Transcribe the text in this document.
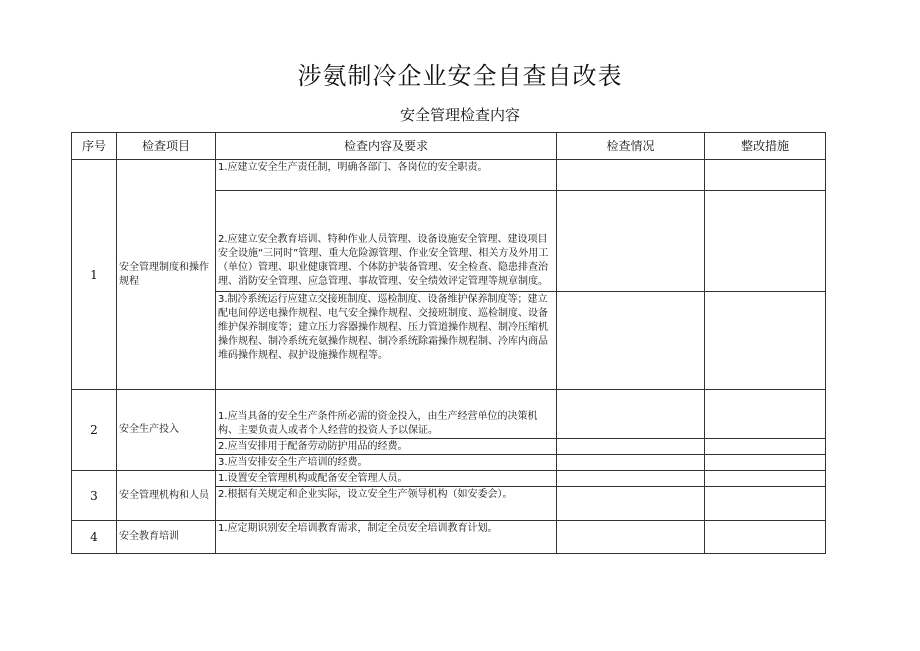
涉氨制冷企业安全自查自改表
安全管理检查内容
序号	检查项目	检查内容及要求	检查情况	整改措施
1	安全管理制度和操作规程	1.应建立安全生产责任制，明确各部门、各岗位的安全职责。		
		2.应建立安全教育培训、特种作业人员管理、设备设施安全管理、建设项目安全设施“三同时”管理、重大危险源管理、作业安全管理、相关方及外用工（单位）管理、职业健康管理、个体防护装备管理、安全检查、隐患排查治理、消防安全管理、应急管理、事故管理、安全绩效评定管理等规章制度。		
		3.制冷系统运行应建立交接班制度、巡检制度、设备维护保养制度等；建立配电间停送电操作规程、电气安全操作规程、交接班制度、巡检制度、设备维护保养制度等；建立压力容器操作规程、压力管道操作规程、制冷压缩机操作规程、制冷系统充氨操作规程、制冷系统除霜操作规程制、冷库内商品堆码操作规程、叔护设施操作规程等。		
2	安全生产投入	1.应当具备的安全生产条件所必需的资金投入，由生产经营单位的决策机构、主要负责人或者个人经营的投资人予以保证。		
		2.应当安排用于配备劳动防护用品的经费。		
		3.应当安排安全生产培训的经费。		
3	安全管理机构和人员	1.设置安全管理机构或配备安全管理人员。		
		2.根据有关规定和企业实际，设立安全生产领导机构（如安委会）。		
4	安全教育培训	1.应定期识别安全培训教育需求，制定全员安全培训教育计划。		
